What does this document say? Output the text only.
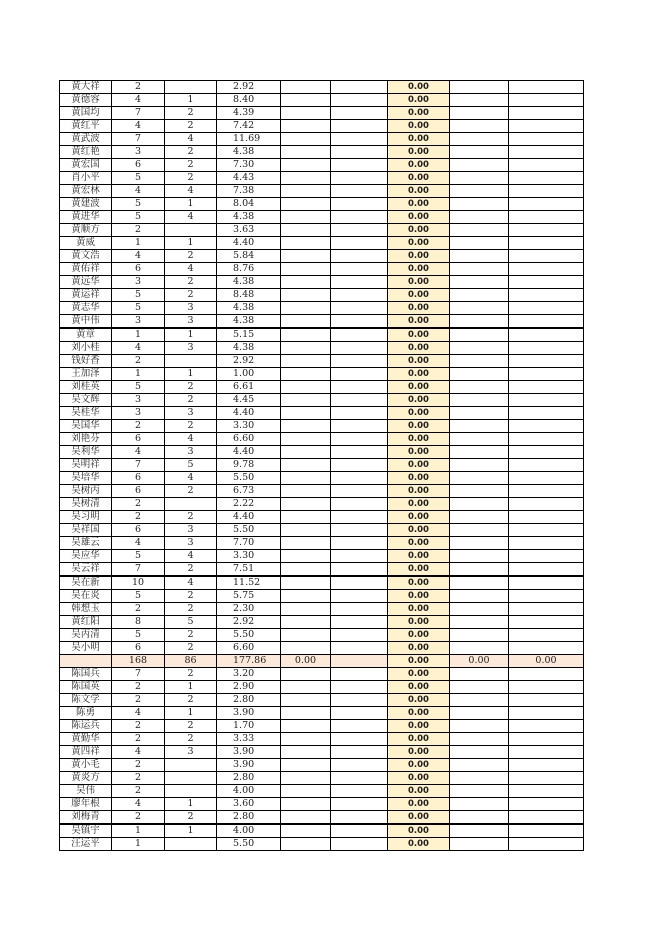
黄大祥	2		2.92			0.00		
黄德容	4	1	8.40			0.00		
黄国均	7	2	4.39			0.00		
黄红平	4	2	7.42			0.00		
黄武波	7	4	11.69			0.00		
黄红艳	3	2	4.38			0.00		
黄宏国	6	2	7.30			0.00		
肖小平	5	2	4.43			0.00		
黄宏林	4	4	7.38			0.00		
黄建波	5	1	8.04			0.00		
黄进华	5	4	4.38			0.00		
黄顺方	2		3.63			0.00		
黄威	1	1	4.40			0.00		
黄文浩	4	2	5.84			0.00		
黄佑祥	6	4	8.76			0.00		
黄远华	3	2	4.38			0.00		
黄运祥	5	2	8.48			0.00		
黄志华	5	3	4.38			0.00		
黄中伟	3	3	4.38			0.00		
黄章	1	1	5.15			0.00		
刘小桂	4	3	4.38			0.00		
钱好香	2		2.92			0.00		
王加泽	1	1	1.00			0.00		
刘桂英	5	2	6.61			0.00		
吴文辉	3	2	4.45			0.00		
吴桂华	3	3	4.40			0.00		
吴国华	2	2	3.30			0.00		
刘艳芬	6	4	6.60			0.00		
吴利华	4	3	4.40			0.00		
吴明祥	7	5	9.78			0.00		
吴培华	6	4	5.50			0.00		
吴树丙	6	2	6.73			0.00		
吴树清	2		2.22			0.00		
吴习明	2	2	4.40			0.00		
吴祥国	6	3	5.50			0.00		
吴雄云	4	3	7.70			0.00		
吴应华	5	4	3.30			0.00		
吴云祥	7	2	7.51			0.00		
吴在新	10	4	11.52			0.00		
吴在炎	5	2	5.75			0.00		
韩想玉	2	2	2.30			0.00		
黄红阳	8	5	2.92			0.00		
吴丙清	5	2	5.50			0.00		
吴小明	6	2	6.60			0.00		
	168	86	177.86	0.00		0.00	0.00	0.00
陈国兵	7	2	3.20			0.00		
陈国英	2	1	2.90			0.00		
陈文学	2	2	2.80			0.00		
陈勇	4	1	3.90			0.00		
陈运兵	2	2	1.70			0.00		
黄勤华	2	2	3.33			0.00		
黄四祥	4	3	3.90			0.00		
黄小毛	2		3.90			0.00		
黄炎方	2		2.80			0.00		
吴伟	2		4.00			0.00		
廖年根	4	1	3.60			0.00		
刘梅青	2	2	2.80			0.00		
吴镇宇	1	1	4.00			0.00		
汪运平	1		5.50			0.00		
